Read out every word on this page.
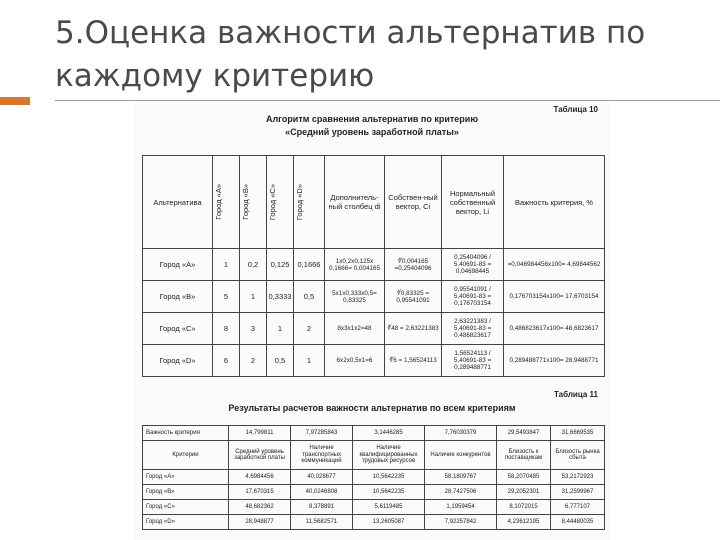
5.Оценка важности альтернатив по каждому критерию
Таблица 10
Алгоритм сравнения альтернатив по критерию
«Средний уровень заработной платы»
Альтернатива	Город «А»	Город «В»	Город «С»	Город «D»	Дополнитель-ный столбец di	Собствен-ный вектор, Ci	Нормальный собственный вектор, Li	Важность критерия, %
Город «А»	1	0,2	0,125	0,1666	1х0,2х0,125х 0,1666= 0,004165	∜0,004165 =0,25404096	0,25404096 / 5,40691-83 = 0,04698445	=0,046984456х100= 4,69844562
Город «В»	5	1	0,3333	0,5	5х1х0,333х0,5= 0,83325	∜0,83325 = 0,95541091	0,95541091 / 5,40691-83 = 0,176703154	0,176703154х100= 17,6703154
Город «С»	8	3	1	2	8х3х1х2=48	∜48 = 2,63221383	2,63221383 / 5,40691-83 = 0,486823617	0,486823617х100= 48,6823617
Город «D»	6	2	0,5	1	6х2х0,5х1=6	∜6 = 1,56524113	1,56524113 / 5,40691-83 = 0,289488771	0,289488771х100= 28,9488771
Таблица 11
Результаты расчетов важности альтернатив по всем критериям
Важность критерия	14,799811	7,97285843	3,1446285	7,76030379	29,5493847	31,6669535
Критерии	Средний уровень заработной платы	Наличие транспортных коммуникаций	Наличие квалифицированных трудовых ресурсов	Наличие конкурентов	Близость к поставщикам	Близость рынка сбыта
Город «А»	4,6984456	40,028677	10,5642235	58,1809767	58,2070485	53,2172923
Город «В»	17,670315	40,0246808	10,5642235	28,7427506	29,2052301	31,2599967
Город «С»	48,682362	8,378891	5,6119485	1,1959454	8,1072015	6,777107
Город «D»	28,948877	11,5682571	13,2605087	7,92257842	4,23612195	8,44480035
